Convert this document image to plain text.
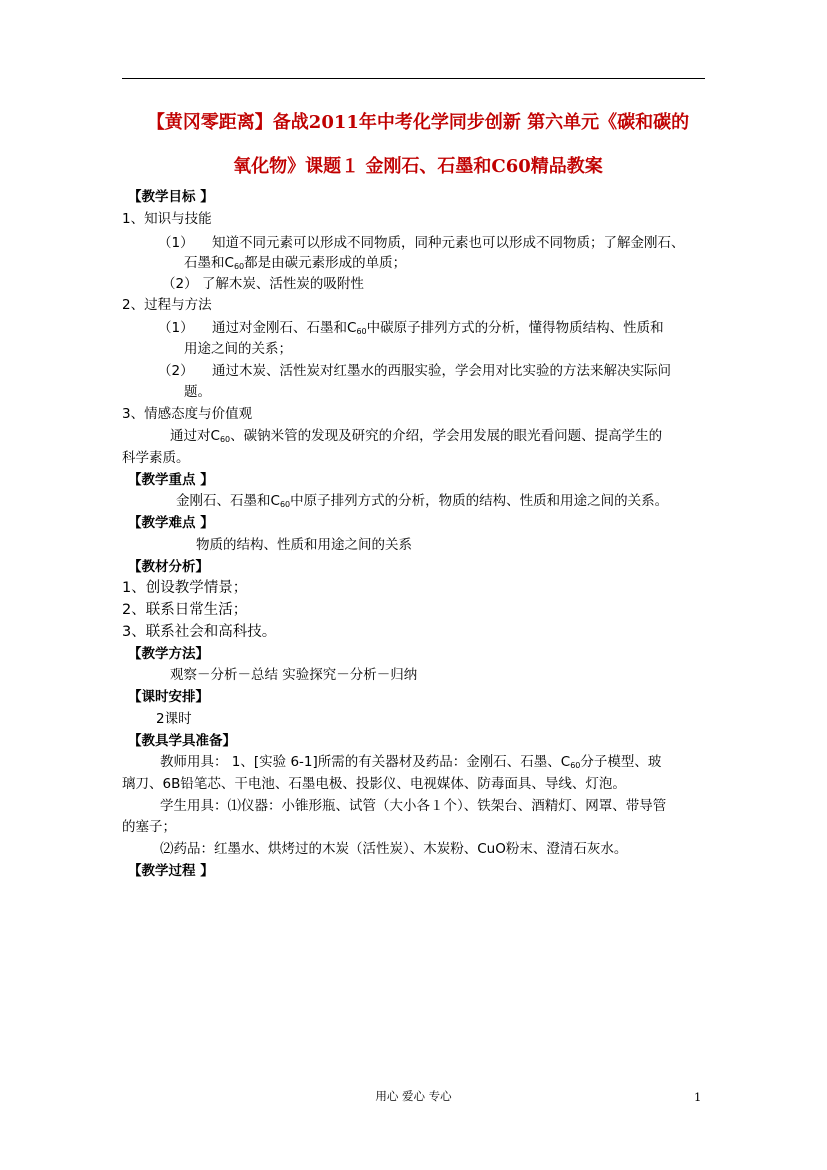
【黄冈零距离】备战2011年中考化学同步创新 第六单元《碳和碳的
氧化物》课题１ 金刚石、石墨和C60精品教案
【教学目标 】
1、知识与技能
（1） 知道不同元素可以形成不同物质，同种元素也可以形成不同物质；了解金刚石、
石墨和$C_{60}$都是由碳元素形成的单质；
（2） 了解木炭、活性炭的吸附性
2、过程与方法
（1） 通过对金刚石、石墨和$C_{60}$中碳原子排列方式的分析，懂得物质结构、性质和
用途之间的关系；
（2） 通过木炭、活性炭对红墨水的西服实验，学会用对比实验的方法来解决实际问
题。
3、情感态度与价值观
通过对$C_{60}$、碳钠米管的发现及研究的介绍，学会用发展的眼光看问题、提高学生的
科学素质。
【教学重点 】
金刚石、石墨和$C_{60}$中原子排列方式的分析，物质的结构、性质和用途之间的关系。
【教学难点 】
物质的结构、性质和用途之间的关系
【教材分析】
1、创设教学情景；
2、联系日常生活；
3、联系社会和高科技。
【教学方法】
观察－分析－总结 实验探究－分析－归纳
【课时安排】
2课时
【教具学具准备】
教师用具： 1、[实验 6-1]所需的有关器材及药品：金刚石、石墨、$C_{60}$分子模型、玻
璃刀、6B铅笔芯、干电池、石墨电极、投影仪、电视媒体、防毒面具、导线、灯泡。
学生用具：⑴仪器：小锥形瓶、试管（大小各１个）、铁架台、酒精灯、网罩、带导管
的塞子；
⑵药品：红墨水、烘烤过的木炭（活性炭）、木炭粉、CuO粉末、澄清石灰水。
【教学过程 】
用心 爱心 专心	1
